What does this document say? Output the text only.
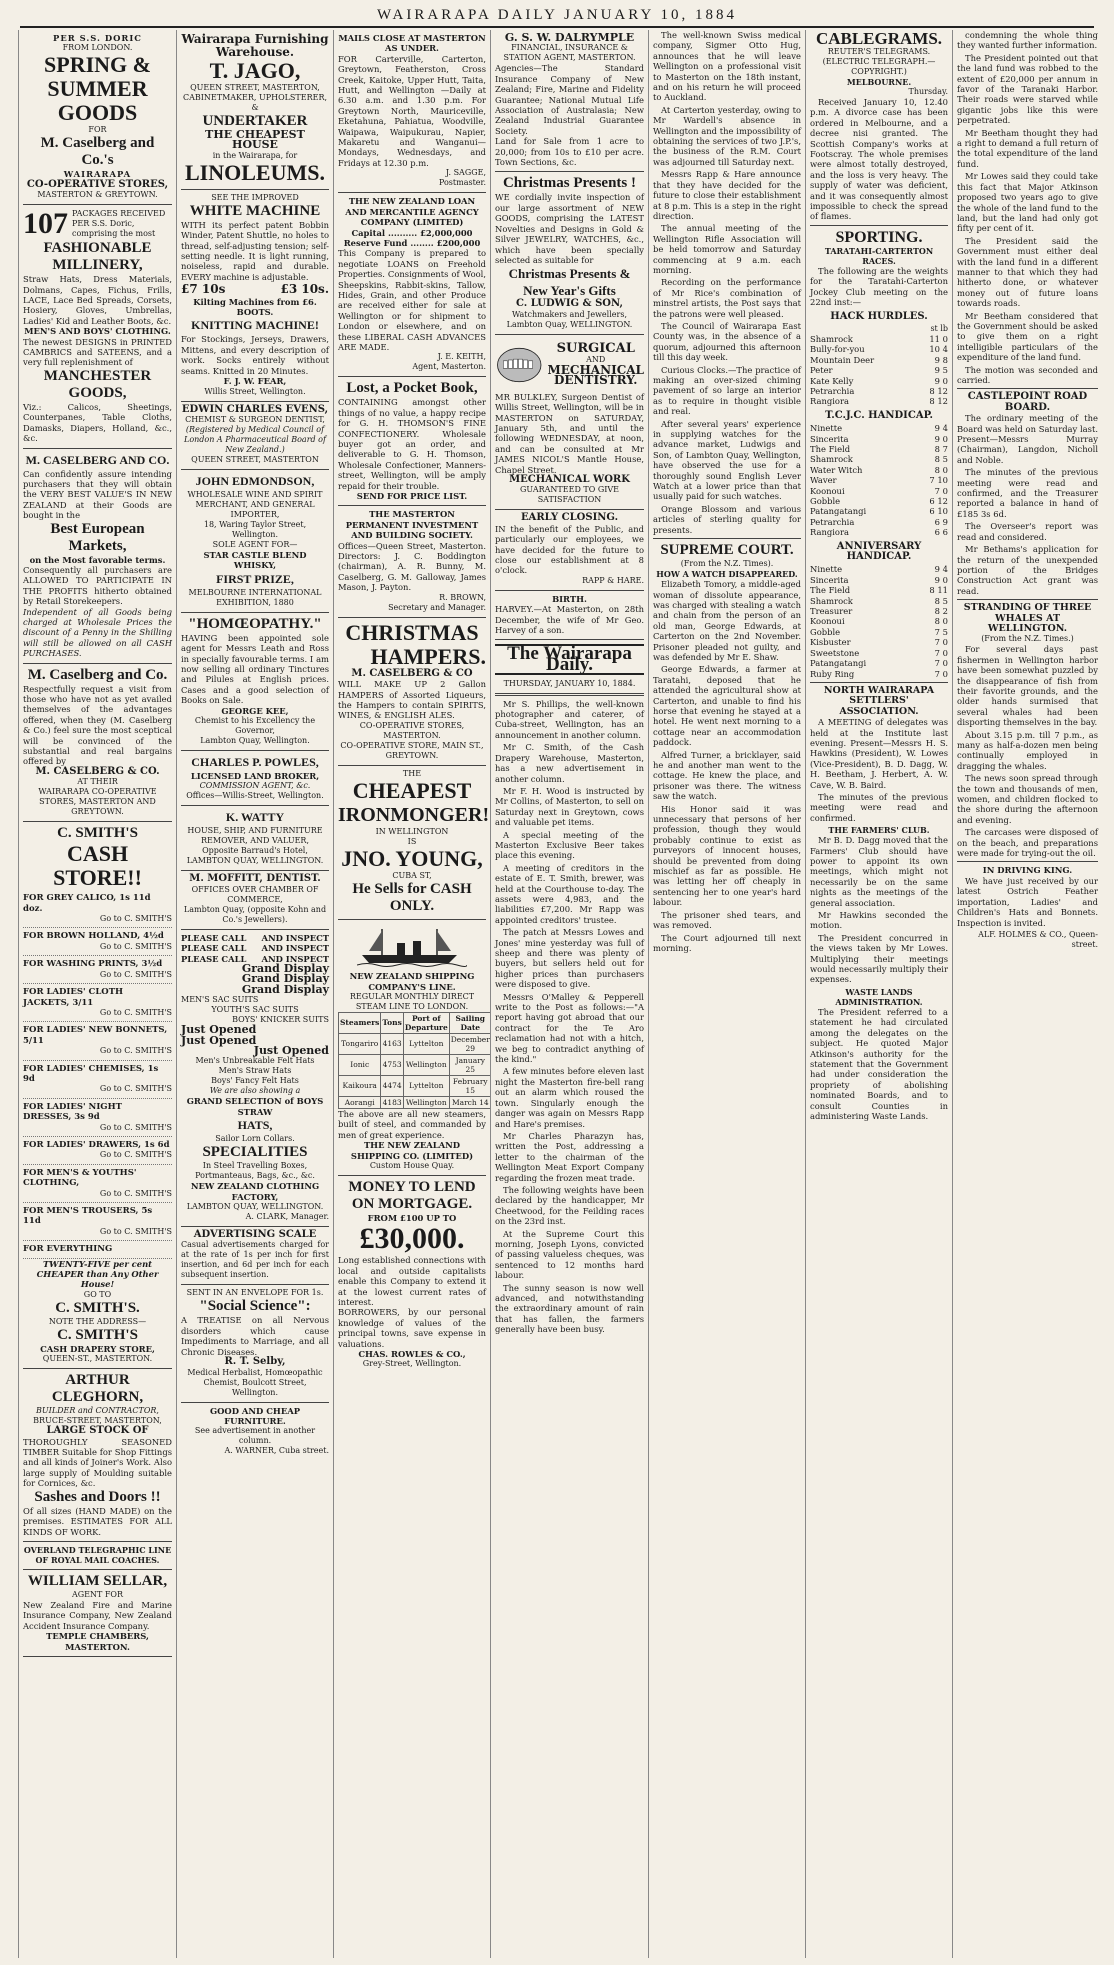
WAIRARAPA DAILY JANUARY 10, 1884
PER S.S. DORIC
FROM LONDON.
SPRING &
SUMMER
GOODS
FOR
M. Caselberg and Co.'s
WAIRARAPA
CO-OPERATIVE STORES,
MASTERTON & GREYTOWN.
107 PACKAGES RECEIVED PER S.S. Doric, comprising the most
FASHIONABLE MILLINERY,
Straw Hats, Dress Materials, Dolmans, Capes, Fichus, Frills, LACE, Lace Bed Spreads, Corsets, Hosiery, Gloves, Umbrellas, Ladies' Kid and Leather Boots, &c.
MEN'S AND BOYS' CLOTHING.
The newest DESIGNS in PRINTED CAMBRICS and SATEENS, and a very full replenishment of
MANCHESTER GOODS,
Viz.: Calicos, Sheetings, Counterpanes, Table Cloths, Damasks, Diapers, Holland, &c., &c.
M. CASELBERG AND CO.
Can confidently assure intending purchasers that they will obtain the VERY BEST VALUE'S IN NEW ZEALAND at their Goods are bought in the
Best European Markets,
on the Most favorable terms.
Consequently all purchasers are ALLOWED TO PARTICIPATE IN THE PROFITS hitherto obtained by Retail Storekeepers.
Independent of all Goods being charged at Wholesale Prices the discount of a Penny in the Shilling will still be allowed on all CASH PURCHASES.
M. Caselberg and Co.
Respectfully request a visit from those who have not as yet availed themselves of the advantages offered, when they (M. Caselberg & Co.) feel sure the most sceptical will be convinced of the substantial and real bargains offered by
M. CASELBERG & CO.
AT THEIR
WAIRARAPA CO-OPERATIVE STORES, MASTERTON AND GREYTOWN.
C. SMITH'S
CASH STORE!!
FOR GREY CALICO, 1s 11d doz.
Go to C. SMITH'S
FOR BROWN HOLLAND, 4½d
Go to C. SMITH'S
FOR WASHING PRINTS, 3½d
Go to C. SMITH'S
FOR LADIES' CLOTH JACKETS, 3/11
Go to C. SMITH'S
FOR LADIES' NEW BONNETS, 5/11
Go to C. SMITH'S
FOR LADIES' CHEMISES, 1s 9d
Go to C. SMITH'S
FOR LADIES' NIGHT DRESSES, 3s 9d
Go to C. SMITH'S
FOR LADIES' DRAWERS, 1s 6d
Go to C. SMITH'S
FOR MEN'S & YOUTHS' CLOTHING,
Go to C. SMITH'S
FOR MEN'S TROUSERS, 5s 11d
Go to C. SMITH'S
FOR EVERYTHING
TWENTY-FIVE per cent CHEAPER than Any Other House!
GO TO
C. SMITH'S.
NOTE THE ADDRESS—
C. SMITH'S
CASH DRAPERY STORE,
QUEEN-ST., MASTERTON.
ARTHUR CLEGHORN,
BUILDER and CONTRACTOR,
BRUCE-STREET, MASTERTON,
LARGE STOCK OF
THOROUGHLY SEASONED TIMBER Suitable for Shop Fittings and all kinds of Joiner's Work. Also large supply of Moulding suitable for Cornices, &c.
Sashes and Doors !!
Of all sizes (HAND MADE) on the premises. ESTIMATES FOR ALL KINDS OF WORK.
OVERLAND TELEGRAPHIC LINE OF ROYAL MAIL COACHES.
WILLIAM SELLAR,
AGENT FOR
New Zealand Fire and Marine Insurance Company, New Zealand Accident Insurance Company.
TEMPLE CHAMBERS, MASTERTON.
Wairarapa Furnishing Warehouse.
T. JAGO,
QUEEN STREET, MASTERTON,
CABINETMAKER, UPHOLSTERER, &
UNDERTAKER
THE CHEAPEST HOUSE
in the Wairarapa, for
LINOLEUMS.
SEE THE IMPROVED
WHITE MACHINE
WITH its perfect patent Bobbin Winder, Patent Shuttle, no holes to thread, self-adjusting tension; self-setting needle. It is light running, noiseless, rapid and durable. EVERY machine is adjustable.
£7 10s	£3 10s.
Kilting Machines from £6.
BOOTS.
KNITTING MACHINE!
For Stockings, Jerseys, Drawers, Mittens, and every description of work. Socks entirely without seams. Knitted in 20 Minutes.
F. J. W. FEAR,
Willis Street, Wellington.
EDWIN CHARLES EVENS,
CHEMIST & SURGEON DENTIST,
(Registered by Medical Council of London A Pharmaceutical Board of New Zealand.)
QUEEN STREET, MASTERTON
JOHN EDMONDSON,
WHOLESALE WINE AND SPIRIT MERCHANT, AND GENERAL IMPORTER,
18, Waring Taylor Street, Wellington.
SOLE AGENT FOR—
STAR CASTLE BLEND WHISKY,
FIRST PRIZE,
MELBOURNE INTERNATIONAL EXHIBITION, 1880
"HOMŒOPATHY."
HAVING been appointed sole agent for Messrs Leath and Ross in specially favourable terms. I am now selling all ordinary Tinctures and Pilules at English prices. Cases and a good selection of Books on Sale.
GEORGE KEE,
Chemist to his Excellency the Governor,
Lambton Quay, Wellington.
CHARLES P. POWLES,
LICENSED LAND BROKER,
COMMISSION AGENT, &c.
Offices—Willis-Street, Wellington.
K. WATTY
HOUSE, SHIP, AND FURNITURE REMOVER, AND VALUER,
Opposite Barraud's Hotel, LAMBTON QUAY, WELLINGTON.
M. MOFFITT, DENTIST.
OFFICES OVER CHAMBER OF COMMERCE,
Lambton Quay, (opposite Kohn and Co.'s Jewellers).
PLEASE CALL AND INSPECT
PLEASE CALL AND INSPECT
PLEASE CALL AND INSPECT
Grand Display
Grand Display
Grand Display
MEN'S SAC SUITS
YOUTH'S SAC SUITS
BOYS' KNICKER SUITS
Just Opened
Just Opened
Just Opened
Men's Unbreakable Felt Hats
Men's Straw Hats
Boys' Fancy Felt Hats
We are also showing a
GRAND SELECTION of BOYS STRAW
HATS,
Sailor Lorn Collars.
SPECIALITIES
In Steel Travelling Boxes, Portmanteaus, Bags, &c., &c.
NEW ZEALAND CLOTHING FACTORY,
LAMBTON QUAY, WELLINGTON.
A. CLARK, Manager.
ADVERTISING SCALE
Casual advertisements charged for at the rate of 1s per inch for first insertion, and 6d per inch for each subsequent insertion.
SENT IN AN ENVELOPE FOR 1s.
"Social Science":
A TREATISE on all Nervous disorders which cause Impediments to Marriage, and all Chronic Diseases.
R. T. Selby,
Medical Herbalist, Homœopathic Chemist, Boulcott Street, Wellington.
GOOD AND CHEAP FURNITURE.
See advertisement in another column.
A. WARNER, Cuba street.
MAILS CLOSE AT MASTERTON AS UNDER.
FOR Carterville, Carterton, Greytown, Featherston, Cross Creek, Kaitoke, Upper Hutt, Taita, Hutt, and Wellington —Daily at 6.30 a.m. and 1.30 p.m. For Greytown North, Mauriceville, Eketahuna, Pahiatua, Woodville, Waipawa, Waipukurau, Napier, Makaretu and Wanganui—Mondays, Wednesdays, and Fridays at 12.30 p.m.
J. SAGGE,
Postmaster.
THE NEW ZEALAND LOAN AND MERCANTILE AGENCY COMPANY (LIMITED)
Capital .......... £2,000,000
Reserve Fund ........ £200,000
This Company is prepared to negotiate LOANS on Freehold Properties. Consignments of Wool, Sheepskins, Rabbit-skins, Tallow, Hides, Grain, and other Produce are received either for sale at Wellington or for shipment to London or elsewhere, and on these LIBERAL CASH ADVANCES ARE MADE.
J. E. KEITH,
Agent, Masterton.
Lost, a Pocket Book,
CONTAINING amongst other things of no value, a happy recipe for G. H. THOMSON'S FINE CONFECTIONERY. Wholesale buyer got an order, and deliverable to G. H. Thomson, Wholesale Confectioner, Manners-street, Wellington, will be amply repaid for their trouble.
SEND FOR PRICE LIST.
THE MASTERTON PERMANENT INVESTMENT AND BUILDING SOCIETY.
Offices—Queen Street, Masterton. Directors: J. C. Boddington (chairman), A. R. Bunny, M. Caselberg, G. M. Galloway, James Mason, J. Payton.
R. BROWN,
Secretary and Manager.
CHRISTMAS
HAMPERS.
M. CASELBERG & CO
WILL MAKE UP 2 Gallon HAMPERS of Assorted Liqueurs, the Hampers to contain SPIRITS, WINES, & ENGLISH ALES.
CO-OPERATIVE STORES, MASTERTON.
CO-OPERATIVE STORE, MAIN ST., GREYTOWN.
THE
CHEAPEST
IRONMONGER!
IN WELLINGTON
IS
JNO. YOUNG,
CUBA ST,
He Sells for CASH ONLY.
NEW ZEALAND SHIPPING COMPANY'S LINE.
REGULAR MONTHLY DIRECT STEAM LINE TO LONDON.
Steamers	Tons	Port of Departure	Sailing Date
Tongariro	4163	Lyttelton	December 29
Ionic	4753	Wellington	January 25
Kaikoura	4474	Lyttelton	February 15
Aorangi	4183	Wellington	March 14
The above are all new steamers, built of steel, and commanded by men of great experience.
THE NEW ZEALAND SHIPPING CO. (LIMITED)
Custom House Quay.
MONEY TO LEND ON MORTGAGE.
FROM £100 UP TO
£30,000.
Long established connections with local and outside capitalists enable this Company to extend it at the lowest current rates of interest.
BORROWERS, by our personal knowledge of values of the principal towns, save expense in valuations.
CHAS. ROWLES & CO.,
Grey-Street, Wellington.
G. S. W. DALRYMPLE
FINANCIAL, INSURANCE & STATION AGENT, MASTERTON.
Agencies—The Standard Insurance Company of New Zealand; Fire, Marine and Fidelity Guarantee; National Mutual Life Association of Australasia; New Zealand Industrial Guarantee Society.
Land for Sale from 1 acre to 20,000; from 10s to £10 per acre. Town Sections, &c.
Christmas Presents !
WE cordially invite inspection of our large assortment of NEW GOODS, comprising the LATEST Novelties and Designs in Gold & Silver JEWELRY, WATCHES, &c., which have been specially selected as suitable for
Christmas Presents & New Year's Gifts
C. LUDWIG & SON,
Watchmakers and Jewellers, Lambton Quay, WELLINGTON.
SURGICAL
AND
MECHANICAL
DENTISTRY.
MR BULKLEY, Surgeon Dentist of Willis Street, Wellington, will be in MASTERTON on SATURDAY, January 5th, and until the following WEDNESDAY, at noon, and can be consulted at Mr JAMES NICOL'S Mantle House, Chapel Street.
MECHANICAL WORK
GUARANTEED TO GIVE SATISFACTION
EARLY CLOSING.
IN the benefit of the Public, and particularly our employees, we have decided for the future to close our establishment at 8 o'clock.
RAPP & HARE.
BIRTH.
HARVEY.—At Masterton, on 28th December, the wife of Mr Geo. Harvey of a son.
The Wairarapa Daily.
THURSDAY, JANUARY 10, 1884.

Mr S. Phillips, the well-known photographer and caterer, of Cuba-street, Wellington, has an announcement in another column.

Mr C. Smith, of the Cash Drapery Warehouse, Masterton, has a new advertisement in another column.

Mr F. H. Wood is instructed by Mr Collins, of Masterton, to sell on Saturday next in Greytown, cows and valuable pet items.

A special meeting of the Masterton Exclusive Beer takes place this evening.

A meeting of creditors in the estate of E. T. Smith, brewer, was held at the Courthouse to-day. The assets were 4,983, and the liabilities £7,200. Mr Rapp was appointed creditors' trustee.

The patch at Messrs Lowes and Jones' mine yesterday was full of sheep and there was plenty of buyers, but sellers held out for higher prices than purchasers were disposed to give.

Messrs O'Malley & Pepperell write to the Post as follows:—"A report having got abroad that our contract for the Te Aro reclamation had not with a hitch, we beg to contradict anything of the kind."

A few minutes before eleven last night the Masterton fire-bell rang out an alarm which roused the town. Singularly enough the danger was again on Messrs Rapp and Hare's premises.

Mr Charles Pharazyn has, written the Post, addressing a letter to the chairman of the Wellington Meat Export Company regarding the frozen meat trade.

The following weights have been declared by the handicapper, Mr Cheetwood, for the Feilding races on the 23rd inst.

At the Supreme Court this morning, Joseph Lyons, convicted of passing valueless cheques, was sentenced to 12 months hard labour.

The sunny season is now well advanced, and notwithstanding the extraordinary amount of rain that has fallen, the farmers generally have been busy.

The well-known Swiss medical company, Sigmer Otto Hug, announces that he will leave Wellington on a professional visit to Masterton on the 18th instant, and on his return he will proceed to Auckland.

At Carterton yesterday, owing to Mr Wardell's absence in Wellington and the impossibility of obtaining the services of two J.P.'s, the business of the R.M. Court was adjourned till Saturday next.

Messrs Rapp & Hare announce that they have decided for the future to close their establishment at 8 p.m. This is a step in the right direction.

The annual meeting of the Wellington Rifle Association will be held tomorrow and Saturday commencing at 9 a.m. each morning.

Recording on the performance of Mr Rice's combination of minstrel artists, the Post says that the patrons were well pleased.

The Council of Wairarapa East County was, in the absence of a quorum, adjourned this afternoon till this day week.

Curious Clocks.—The practice of making an over-sized chiming pavement of so large an interior as to require in thought visible and real.

After several years' experience in supplying watches for the advance market, Ludwigs and Son, of Lambton Quay, Wellington, have observed the use for a thoroughly sound English Lever Watch at a lower price than that usually paid for such watches.

Orange Blossom and various articles of sterling quality for presents.

SUPREME COURT.
(From the N.Z. Times).
HOW A WATCH DISAPPEARED.

Elizabeth Tomory, a middle-aged woman of dissolute appearance, was charged with stealing a watch and chain from the person of an old man, George Edwards, at Carterton on the 2nd November. Prisoner pleaded not guilty, and was defended by Mr E. Shaw.

George Edwards, a farmer at Taratahi, deposed that he attended the agricultural show at Carterton, and unable to find his horse that evening he stayed at a hotel. He went next morning to a cottage near an accommodation paddock.

Alfred Turner, a bricklayer, said he and another man went to the cottage. He knew the place, and prisoner was there. The witness saw the watch.

His Honor said it was unnecessary that persons of her profession, though they would probably continue to exist as purveyors of innocent houses, should be prevented from doing mischief as far as possible. He was letting her off cheaply in sentencing her to one year's hard labour.

The prisoner shed tears, and was removed.

The Court adjourned till next morning.

CABLEGRAMS.
REUTER'S TELEGRAMS.
(ELECTRIC TELEGRAPH.—COPYRIGHT.)
MELBOURNE.
Thursday.

Received January 10, 12.40 p.m. A divorce case has been ordered in Melbourne, and a decree nisi granted. The Scottish Company's works at Footscray. The whole premises were almost totally destroyed, and the loss is very heavy. The supply of water was deficient, and it was consequently almost impossible to check the spread of flames.

SPORTING.
TARATAHI-CARTERTON RACES.

The following are the weights for the Taratahi-Carterton Jockey Club meeting on the 22nd inst:—

HACK HURDLES.
st lb
Shamrock	11 0
Bully-for-you	10 4
Mountain Deer	9 8
Peter	9 5
Kate Kelly	9 0
Petrarchia	8 12
Rangiora	8 12
T.C.J.C. HANDICAP.
Ninette	9 4
Sincerita	9 0
The Field	8 7
Shamrock	8 5
Water Witch	8 0
Waver	7 10
Koonoui	7 0
Gobble	6 12
Patangatangi	6 10
Petrarchia	6 9
Rangiora	6 6
ANNIVERSARY HANDICAP.
Ninette	9 4
Sincerita	9 0
The Field	8 11
Shamrock	8 5
Treasurer	8 2
Koonoui	8 0
Gobble	7 5
Kisbuster	7 0
Sweetstone	7 0
Patangatangi	7 0
Ruby Ring	7 0
NORTH WAIRARAPA SETTLERS' ASSOCIATION.

A MEETING of delegates was held at the Institute last evening. Present—Messrs H. S. Hawkins (President), W. Lowes (Vice-President), B. D. Dagg, W. H. Beetham, J. Herbert, A. W. Cave, W. B. Baird.

The minutes of the previous meeting were read and confirmed.

THE FARMERS' CLUB.

Mr B. D. Dagg moved that the Farmers' Club should have power to appoint its own meetings, which might not necessarily be on the same nights as the meetings of the general association.

Mr Hawkins seconded the motion.

The President concurred in the views taken by Mr Lowes. Multiplying their meetings would necessarily multiply their expenses.

WASTE LANDS ADMINISTRATION.

The President referred to a statement he had circulated among the delegates on the subject. He quoted Major Atkinson's authority for the statement that the Government had under consideration the propriety of abolishing nominated Boards, and to consult Counties in administering Waste Lands.

condemning the whole thing they wanted further information.

The President pointed out that the land fund was robbed to the extent of £20,000 per annum in favor of the Taranaki Harbor. Their roads were starved while gigantic jobs like this were perpetrated.

Mr Beetham thought they had a right to demand a full return of the total expenditure of the land fund.

Mr Lowes said they could take this fact that Major Atkinson proposed two years ago to give the whole of the land fund to the land, but the land had only got fifty per cent of it.

The President said the Government must either deal with the land fund in a different manner to that which they had hitherto done, or whatever money out of future loans towards roads.

Mr Beetham considered that the Government should be asked to give them on a right intelligible particulars of the expenditure of the land fund.

The motion was seconded and carried.

CASTLEPOINT ROAD BOARD.

The ordinary meeting of the Board was held on Saturday last. Present—Messrs Murray (Chairman), Langdon, Nicholl and Noble.

The minutes of the previous meeting were read and confirmed, and the Treasurer reported a balance in hand of £185 3s 6d.

The Overseer's report was read and considered.

Mr Bethams's application for the return of the unexpended portion of the Bridges Construction Act grant was read.

STRANDING OF THREE WHALES AT WELLINGTON.
(From the N.Z. Times.)

For several days past fishermen in Wellington harbor have been somewhat puzzled by the disappearance of fish from their favorite grounds, and the older hands surmised that several whales had been disporting themselves in the bay.

About 3.15 p.m. till 7 p.m., as many as half-a-dozen men being continually employed in dragging the whales.

The news soon spread through the town and thousands of men, women, and children flocked to the shore during the afternoon and evening.

The carcases were disposed of on the beach, and preparations were made for trying-out the oil.

IN DRIVING KING.

We have just received by our latest Ostrich Feather importation, Ladies' and Children's Hats and Bonnets. Inspection is invited.

ALF. HOLMES & CO., Queen-street.
